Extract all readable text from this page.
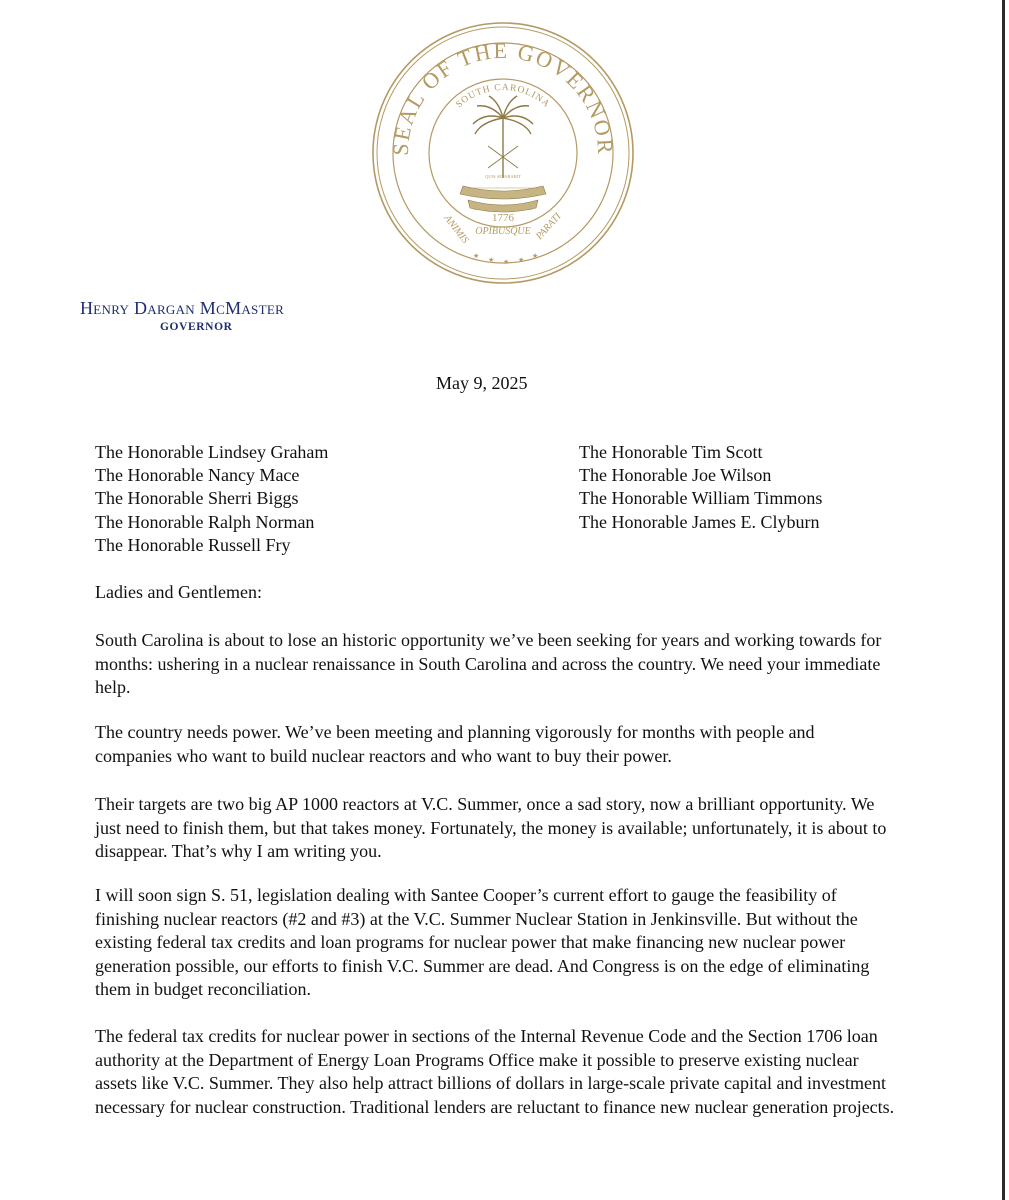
SEAL OF THE GOVERNOR
SOUTH CAROLINA
ANIMIS	PARATI
OPIBUSQUE
1776
QUIS SEPARABIT
★ ★ ★ ★ ★
Henry Dargan McMaster
GOVERNOR
May 9, 2025
The Honorable Lindsey Graham
The Honorable Nancy Mace
The Honorable Sherri Biggs
The Honorable Ralph Norman
The Honorable Russell Fry
The Honorable Tim Scott
The Honorable Joe Wilson
The Honorable William Timmons
The Honorable James E. Clyburn
Ladies and Gentlemen:
South Carolina is about to lose an historic opportunity we’ve been seeking for years and working towards for months: ushering in a nuclear renaissance in South Carolina and across the country. We need your immediate help.
The country needs power. We’ve been meeting and planning vigorously for months with people and companies who want to build nuclear reactors and who want to buy their power.
Their targets are two big AP 1000 reactors at V.C. Summer, once a sad story, now a brilliant opportunity. We just need to finish them, but that takes money. Fortunately, the money is available; unfortunately, it is about to disappear. That’s why I am writing you.
I will soon sign S. 51, legislation dealing with Santee Cooper’s current effort to gauge the feasibility of finishing nuclear reactors (#2 and #3) at the V.C. Summer Nuclear Station in Jenkinsville. But without the existing federal tax credits and loan programs for nuclear power that make financing new nuclear power generation possible, our efforts to finish V.C. Summer are dead. And Congress is on the edge of eliminating them in budget reconciliation.
The federal tax credits for nuclear power in sections of the Internal Revenue Code and the Section 1706 loan authority at the Department of Energy Loan Programs Office make it possible to preserve existing nuclear assets like V.C. Summer. They also help attract billions of dollars in large-scale private capital and investment necessary for nuclear construction. Traditional lenders are reluctant to finance new nuclear generation projects.
